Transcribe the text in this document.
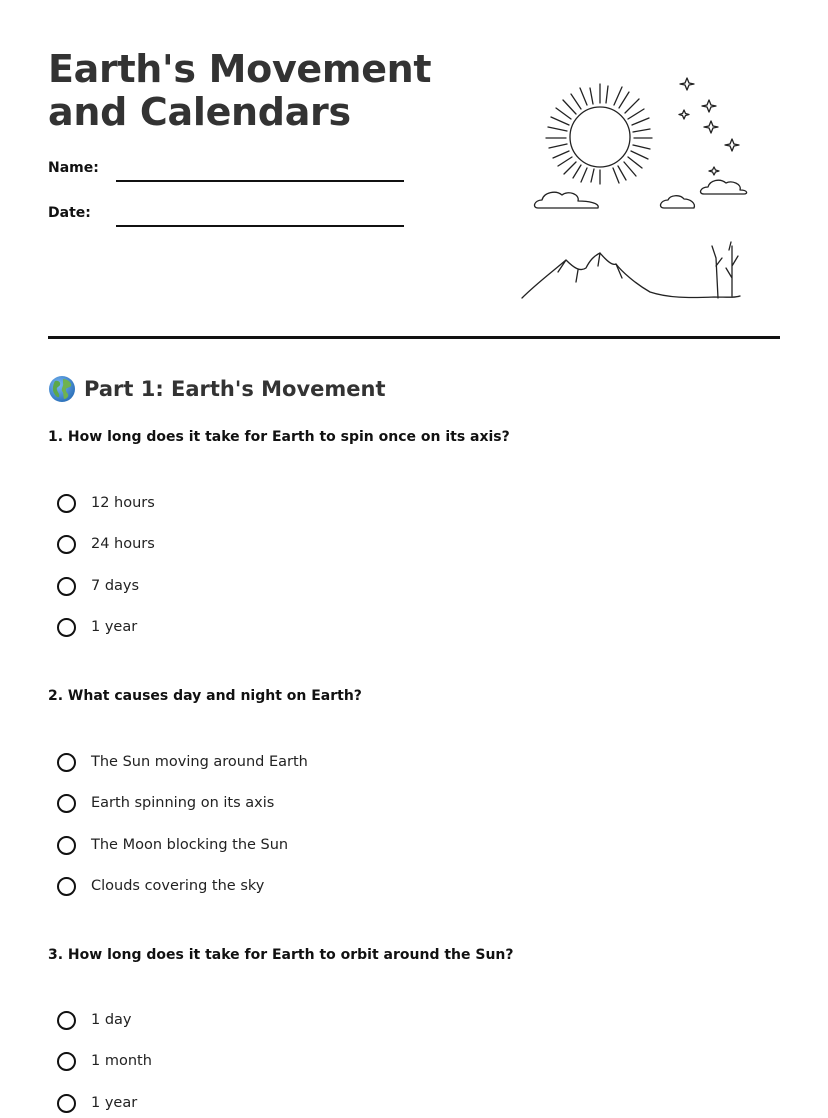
Earth's Movement and Calendars
Name:
Date:
Part 1: Earth's Movement
1. How long does it take for Earth to spin once on its axis?
12 hours
24 hours
7 days
1 year
2. What causes day and night on Earth?
The Sun moving around Earth
Earth spinning on its axis
The Moon blocking the Sun
Clouds covering the sky
3. How long does it take for Earth to orbit around the Sun?
1 day
1 month
1 year
